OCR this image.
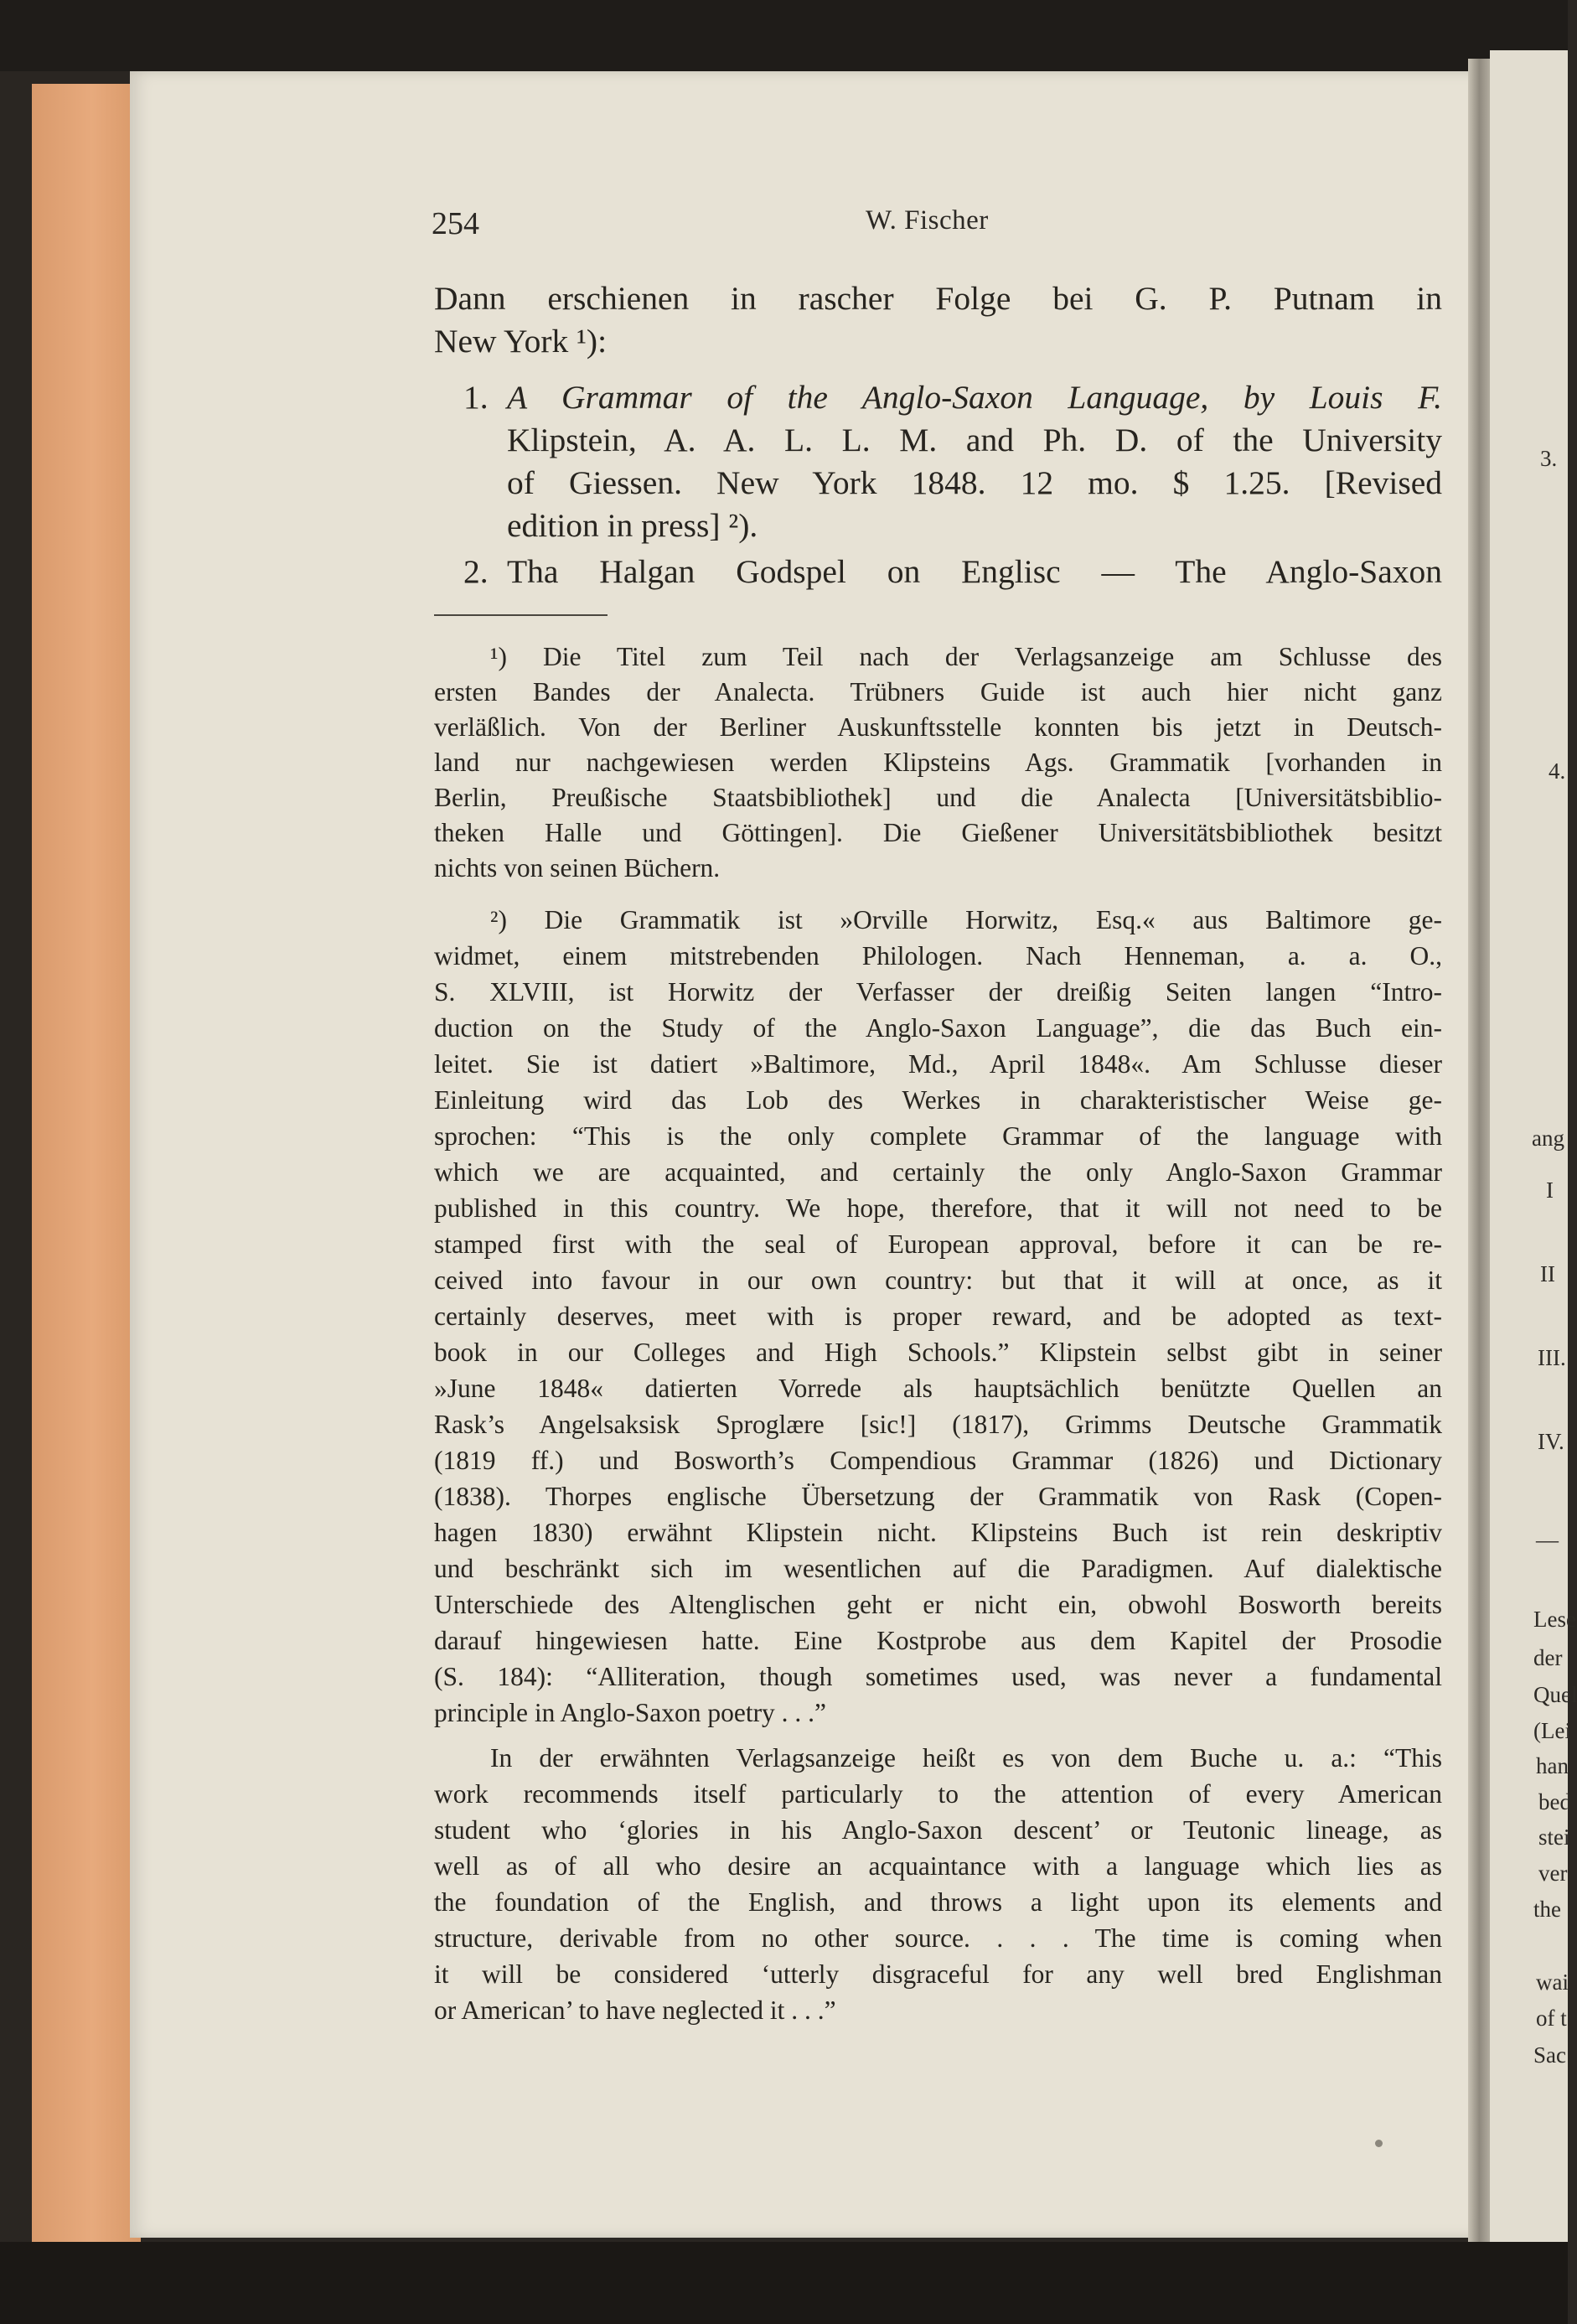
3.
4.
ang
I
II
III.
IV.
—
Lese
der
Quel
(Lei
han
bed
stei
ver
the
wai
of t
Sac
254	W. Fischer
Dann erschienen in rascher Folge bei G. P. Putnam in
New York ¹):
1. A Grammar of the Anglo-Saxon Language, by Louis F.
Klipstein, A. A. L. L. M. and Ph. D. of the University
of Giessen. New York 1848. 12 mo. $ 1.25. [Revised
edition in press] ²).
2. Tha Halgan Godspel on Englisc — The Anglo-Saxon
¹) Die Titel zum Teil nach der Verlagsanzeige am Schlusse des
ersten Bandes der Analecta. Trübners Guide ist auch hier nicht ganz
verläßlich. Von der Berliner Auskunftsstelle konnten bis jetzt in Deutsch-
land nur nachgewiesen werden Klipsteins Ags. Grammatik [vorhanden in
Berlin, Preußische Staatsbibliothek] und die Analecta [Universitätsbiblio-
theken Halle und Göttingen]. Die Gießener Universitätsbibliothek besitzt
nichts von seinen Büchern.
²) Die Grammatik ist »Orville Horwitz, Esq.« aus Baltimore ge-
widmet, einem mitstrebenden Philologen. Nach Henneman, a. a. O.,
S. XLVIII, ist Horwitz der Verfasser der dreißig Seiten langen “Intro-
duction on the Study of the Anglo-Saxon Language”, die das Buch ein-
leitet. Sie ist datiert »Baltimore, Md., April 1848«. Am Schlusse dieser
Einleitung wird das Lob des Werkes in charakteristischer Weise ge-
sprochen: “This is the only complete Grammar of the language with
which we are acquainted, and certainly the only Anglo-Saxon Grammar
published in this country. We hope, therefore, that it will not need to be
stamped first with the seal of European approval, before it can be re-
ceived into favour in our own country: but that it will at once, as it
certainly deserves, meet with is proper reward, and be adopted as text-
book in our Colleges and High Schools.” Klipstein selbst gibt in seiner
»June 1848« datierten Vorrede als hauptsächlich benützte Quellen an
Rask’s Angelsaksisk Sproglære [sic!] (1817), Grimms Deutsche Grammatik
(1819 ff.) und Bosworth’s Compendious Grammar (1826) und Dictionary
(1838). Thorpes englische Übersetzung der Grammatik von Rask (Copen-
hagen 1830) erwähnt Klipstein nicht. Klipsteins Buch ist rein deskriptiv
und beschränkt sich im wesentlichen auf die Paradigmen. Auf dialektische
Unterschiede des Altenglischen geht er nicht ein, obwohl Bosworth bereits
darauf hingewiesen hatte. Eine Kostprobe aus dem Kapitel der Prosodie
(S. 184): “Alliteration, though sometimes used, was never a fundamental
principle in Anglo-Saxon poetry . . .”
In der erwähnten Verlagsanzeige heißt es von dem Buche u. a.: “This
work recommends itself particularly to the attention of every American
student who ‘glories in his Anglo-Saxon descent’ or Teutonic lineage, as
well as of all who desire an acquaintance with a language which lies as
the foundation of the English, and throws a light upon its elements and
structure, derivable from no other source. . . . The time is coming when
it will be considered ‘utterly disgraceful for any well bred Englishman
or American’ to have neglected it . . .”
